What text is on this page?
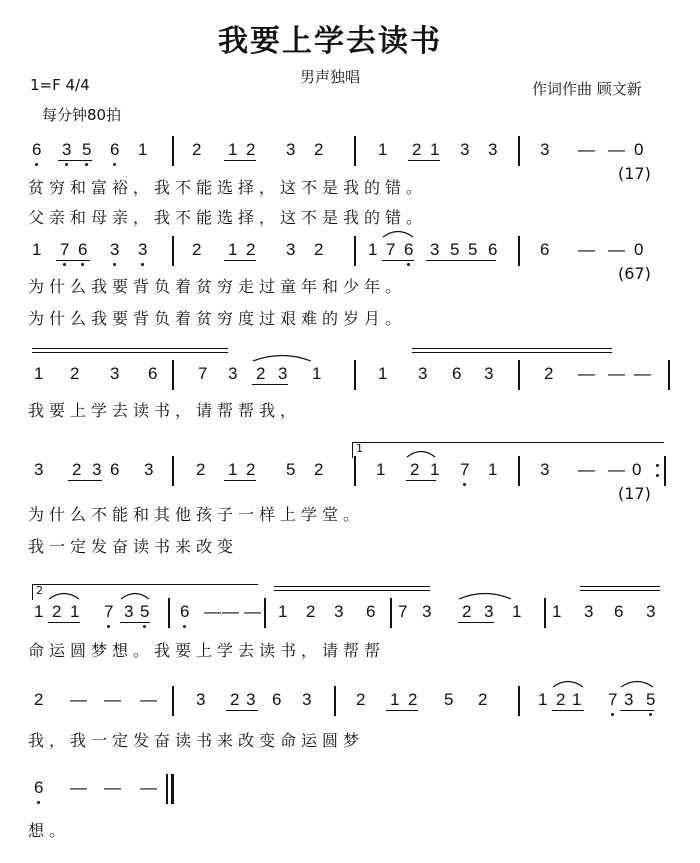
我要上学去读书
1=F 4/4	男声独唱
作词作曲 顾文新
每分钟80拍
6 3 5 6 1	2 1 2 3 2	1 2 1 3 3	3 — — 0
(17)
贫穷和富裕，我不能选择，这不是我的错。
父亲和母亲，我不能选择，这不是我的错。
1 7 6 3 3	2 1 2 3 2	1 7 6 3 5 5 6	6 — — 0
(67)
为什么我要背负着贫穷走过童年和少年。
为什么我要背负着贫穷度过艰难的岁月。
1 2 3 6 7 3 2 3 1	1 3 6 3	2 — — —
我要上学去读书，请帮帮我，
3 2 3 6 3	2 1 2 5 2	1 2 1 7 1	3 — — 0
1
(17)
为什么不能和其他孩子一样上学堂。
我一定发奋读书来改变
1 2 1 7 3 5 6 — — — 1 2 3 6 7 3 2 3 1 1 3 6 3
2
命运圆梦想。我要上学去读书，请帮帮
2 — — — 3 2 3 6 3	2 1 2 5 2	1 2 1 7 3 5
我，我一定发奋读书来改变命运圆梦
6 — — —
想。
